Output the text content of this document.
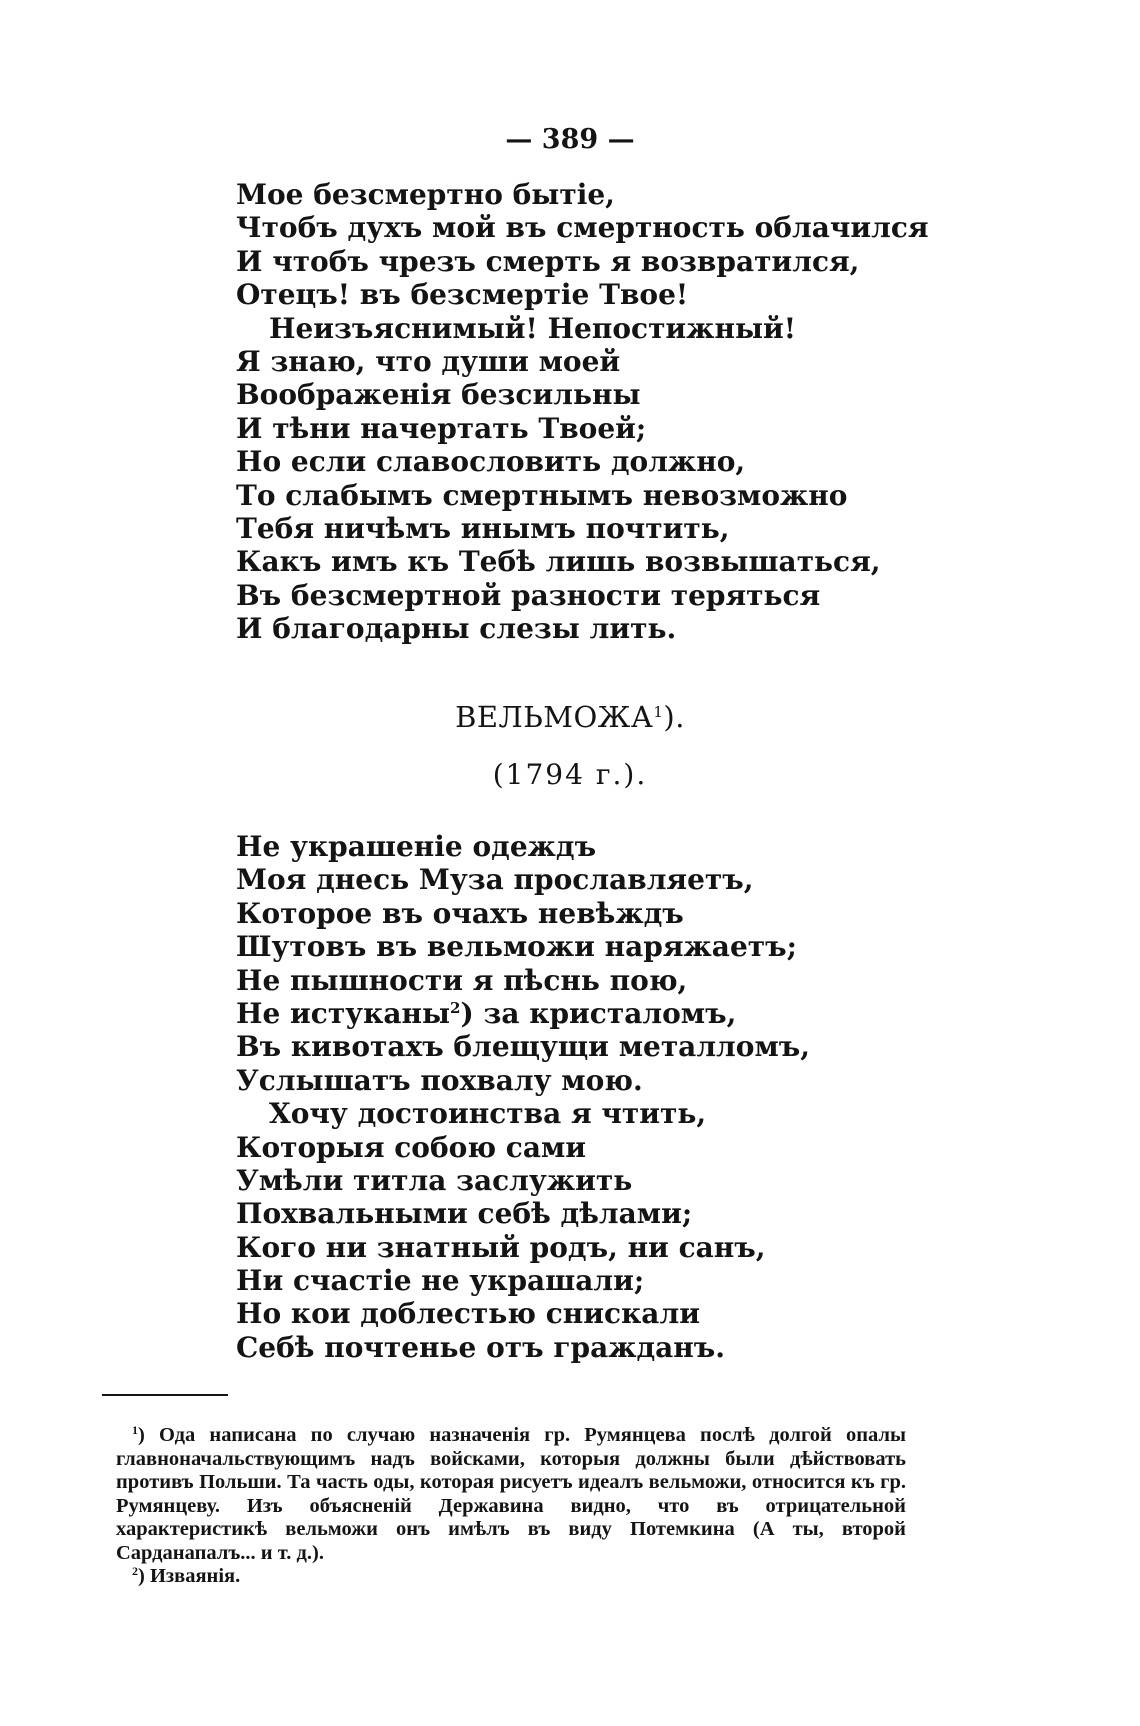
— 389 —
Мое безсмертно бытіе,
Чтобъ духъ мой въ смертность облачился
И чтобъ чрезъ смерть я возвратился,
Отецъ! въ безсмертіе Твое!
Неизъяснимый! Непостижный!
Я знаю, что души моей
Воображенія безсильны
И тѣни начертать Твоей;
Но если славословить должно,
То слабымъ смертнымъ невозможно
Тебя ничѣмъ инымъ почтить,
Какъ имъ къ Тебѣ лишь возвышаться,
Въ безсмертной разности теряться
И благодарны слезы лить.
ВЕЛЬМОЖА$^1$).
(1794 г.).
Не украшеніе одеждъ
Моя днесь Муза прославляетъ,
Которое въ очахъ невѣждъ
Шутовъ въ вельможи наряжаетъ;
Не пышности я пѣснь пою,
Не истуканы$^2$) за кристаломъ,
Въ кивотахъ блещущи металломъ,
Услышатъ похвалу мою.
Хочу достоинства я чтить,
Которыя собою сами
Умѣли титла заслужить
Похвальными себѣ дѣлами;
Кого ни знатный родъ, ни санъ,
Ни счастіе не украшали;
Но кои доблестью снискали
Себѣ почтенье отъ гражданъ.

$^1$) Ода написана по случаю назначенія гр. Румянцева послѣ долгой опалы главноначальствующимъ надъ войсками, которыя должны были дѣйствовать противъ Польши. Та часть оды, которая рисуетъ идеалъ вельможи, относится къ гр. Румянцеву. Изъ объясненій Державина видно, что въ отрицательной характеристикѣ вельможи онъ имѣлъ въ виду Потемкина (А ты, второй Сарданапалъ... и т. д.).

$^2$) Изваянія.
